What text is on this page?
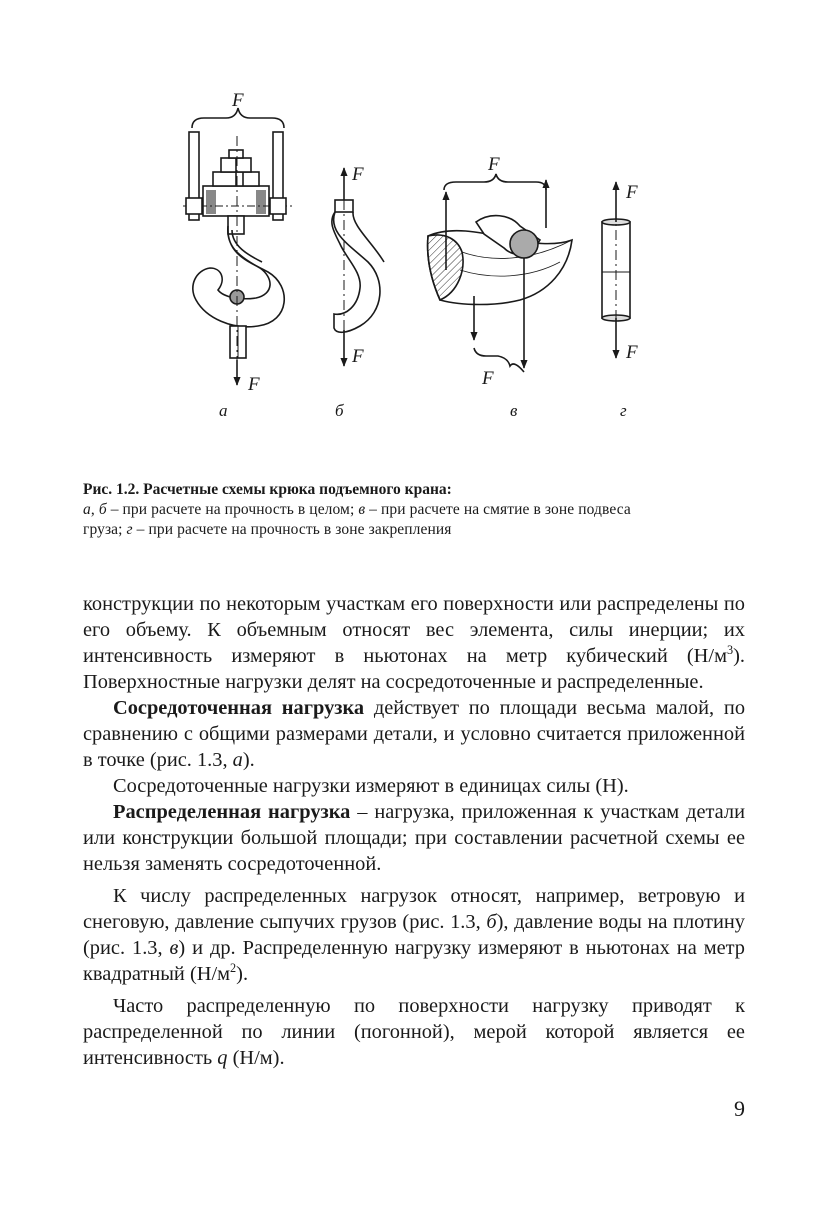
F
F
а
F
F
б
F
F
в
F
F
г
Рис. 1.2. Расчетные схемы крюка подъемного крана:
а, б – при расчете на прочность в целом; в – при расчете на смятие в зоне подвеса
груза; г – при расчете на прочность в зоне закрепления

конструкции по некоторым участкам его поверхности или распределены по его объему. К объемным относят вес элемента, силы инерции; их интенсивность измеряют в ньютонах на метр кубический $(Н/м^3)$. Поверхностные нагрузки делят на сосредоточенные и распределенные.

Сосредоточенная нагрузка действует по площади весьма малой, по сравнению с общими размерами детали, и условно считается приложенной в точке (рис. 1.3, а).

Сосредоточенные нагрузки измеряют в единицах силы (Н).

Распределенная нагрузка – нагрузка, приложенная к участкам детали или конструкции большой площади; при составлении расчетной схемы ее нельзя заменять сосредоточенной.

К числу распределенных нагрузок относят, например, ветровую и снеговую, давление сыпучих грузов (рис. 1.3, б), давление воды на плотину (рис. 1.3, в) и др. Распределенную нагрузку измеряют в ньютонах на метр квадратный $(Н/м^2)$.

Часто распределенную по поверхности нагрузку приводят к распределенной по линии (погонной), мерой которой является ее интенсивность q (Н/м).

9
